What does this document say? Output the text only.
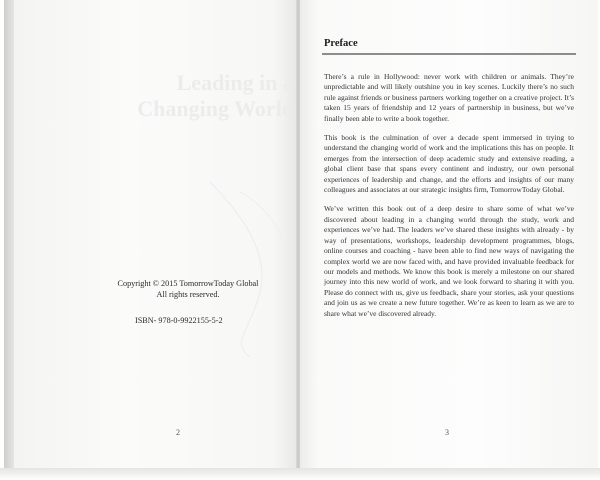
Leading in a
Changing World
Copyright © 2015 TomorrowToday Global
All rights reserved.
ISBN- 978-0-9922155-5-2
2
Preface

There’s a rule in Hollywood: never work with children or animals. They’re unpredictable and will likely outshine you in key scenes. Luckily there’s no such rule against friends or business partners working together on a creative project. It’s taken 15 years of friendship and 12 years of partnership in business, but we’ve finally been able to write a book together.

This book is the culmination of over a decade spent immersed in trying to understand the changing world of work and the implications this has on people. It emerges from the intersection of deep academic study and extensive reading, a global client base that spans every continent and industry, our own personal experiences of leadership and change, and the efforts and insights of our many colleagues and associates at our strategic insights firm, TomorrowToday Global.

We’ve written this book out of a deep desire to share some of what we’ve discovered about leading in a changing world through the study, work and experiences we’ve had. The leaders we’ve shared these insights with already - by way of presentations, workshops, leadership development programmes, blogs, online courses and coaching - have been able to find new ways of navigating the complex world we are now faced with, and have provided invaluable feedback for our models and methods. We know this book is merely a milestone on our shared journey into this new world of work, and we look forward to sharing it with you. Please do connect with us, give us feedback, share your stories, ask your questions and join us as we create a new future together. We’re as keen to learn as we are to share what we’ve discovered already.

3
